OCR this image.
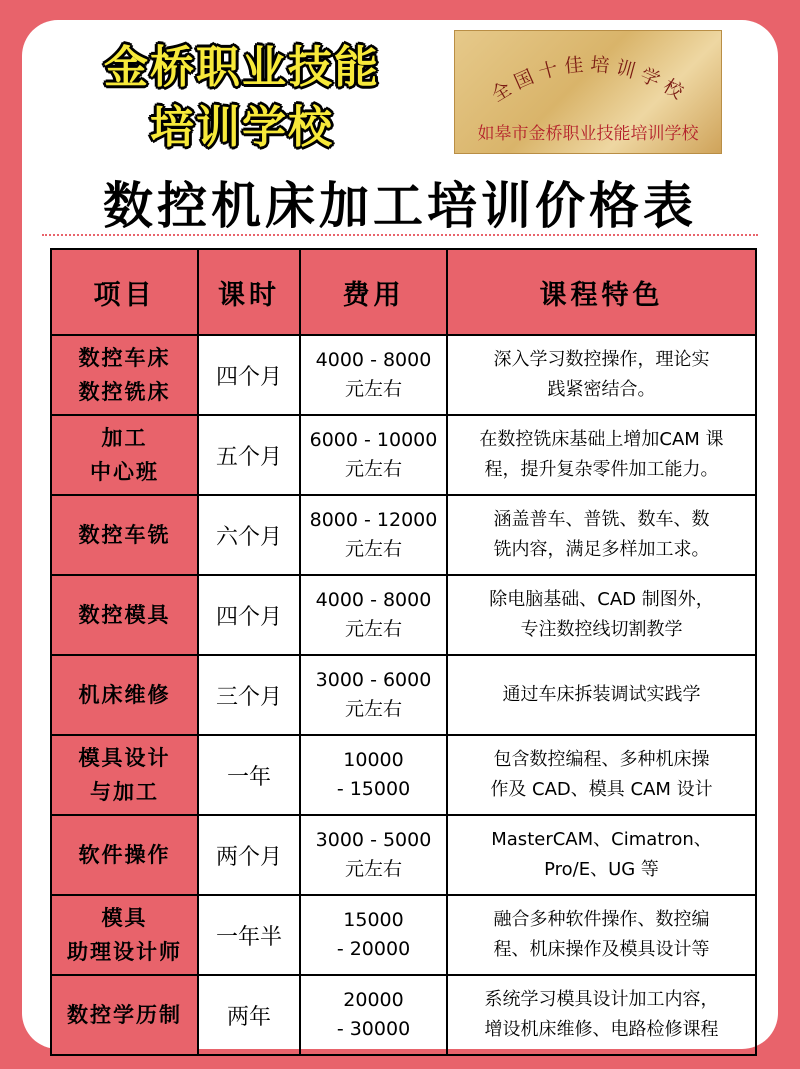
金桥职业技能
培训学校
全国十佳培训学校
如皋市金桥职业技能培训学校
数控机床加工培训价格表
项目	课时	费用	课程特色

数控车床
数控铣床	四个月	4000 - 8000
元左右	深入学习数控操作，理论实
践紧密结合。

加工
中心班	五个月	6000 - 10000
元左右	在数控铣床基础上增加CAM 课
程，提升复杂零件加工能力。

数控车铣	六个月	8000 - 12000
元左右	涵盖普车、普铣、数车、数
铣内容，满足多样加工求。

数控模具	四个月	4000 - 8000
元左右	除电脑基础、CAD 制图外，
专注数控线切割教学

机床维修	三个月	3000 - 6000
元左右	通过车床拆装调试实践学

模具设计
与加工	一年	10000
- 15000	包含数控编程、多种机床操
作及 CAD、模具 CAM 设计

软件操作	两个月	3000 - 5000
元左右	MasterCAM、Cimatron、
Pro/E、UG 等

模具
助理设计师	一年半	15000
- 20000	融合多种软件操作、数控编
程、机床操作及模具设计等

数控学历制	两年	20000
- 30000	系统学习模具设计加工内容，
增设机床维修、电路检修课程
